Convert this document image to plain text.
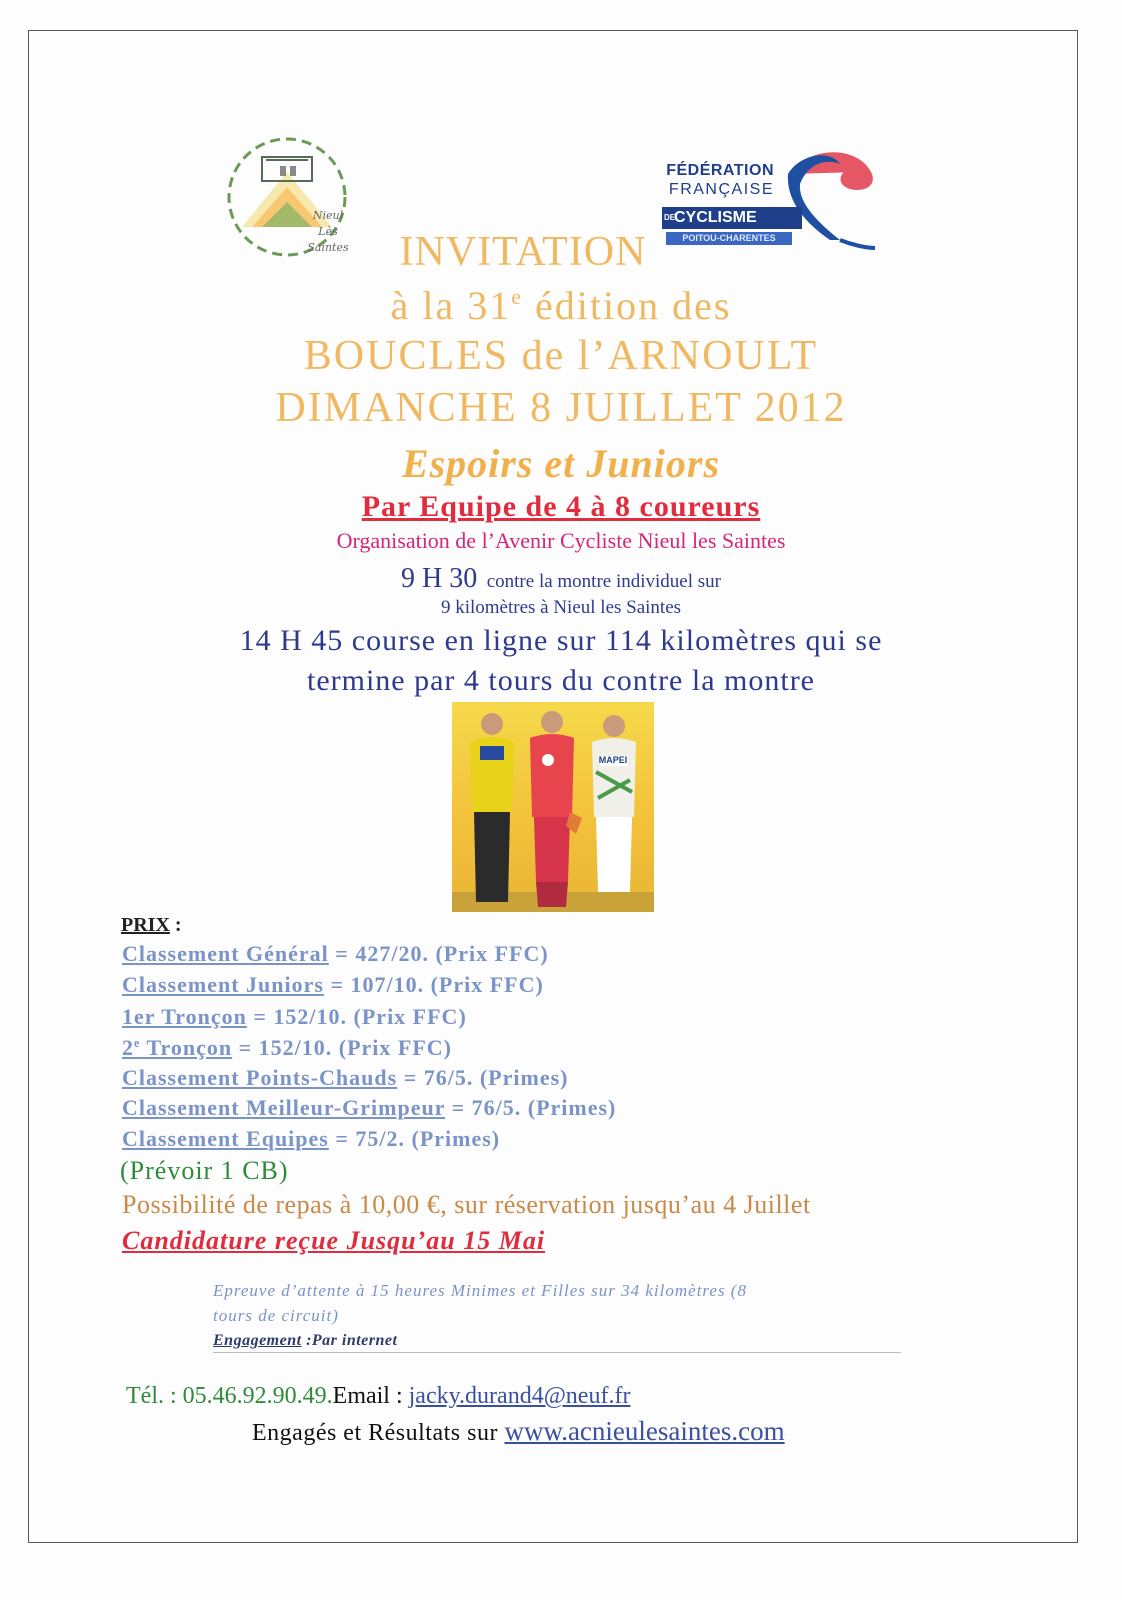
Nieul
Lès
Saintes
FÉDÉRATION
FRANÇAISE
DECYCLISME
POITOU-CHARENTES
INVITATION
à la 31e édition des
BOUCLES de l’ARNOULT
DIMANCHE 8 JUILLET 2012
Espoirs et Juniors
Par Equipe de 4 à 8 coureurs
Organisation de l’Avenir Cycliste Nieul les Saintes
9 H 30 contre la montre individuel sur
9 kilomètres à Nieul les Saintes
14 H 45 course en ligne sur 114 kilomètres qui se
termine par 4 tours du contre la montre
MAPEI
PRIX :
Classement Général = 427/20. (Prix FFC)
Classement Juniors = 107/10. (Prix FFC)
1er Tronçon = 152/10. (Prix FFC)
2e Tronçon = 152/10. (Prix FFC)
Classement Points-Chauds = 76/5. (Primes)
Classement Meilleur-Grimpeur = 76/5. (Primes)
Classement Equipes = 75/2. (Primes)
(Prévoir 1 CB)
Possibilité de repas à 10,00 €, sur réservation jusqu’au 4 Juillet
Candidature reçue Jusqu’au 15 Mai
Epreuve d’attente à 15 heures Minimes et Filles sur 34 kilomètres (8
tours de circuit)
Engagement :Par internet
Tél. : 05.46.92.90.49.Email : jacky.durand4@neuf.fr
Engagés et Résultats sur www.acnieulesaintes.com
